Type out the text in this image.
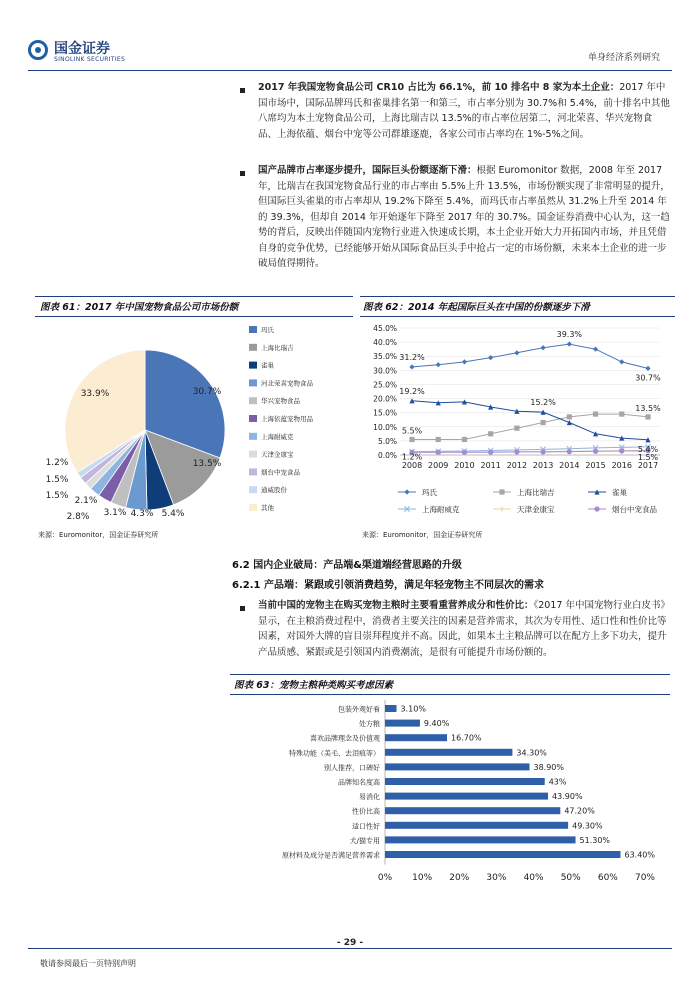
国金证券
SINOLINK SECURITIES	单身经济系列研究
2017 年我国宠物食品公司 CR10 占比为 66.1%，前 10 排名中 8 家为本土企业：2017 年中国市场中，国际品牌玛氏和雀巢排名第一和第三，市占率分别为 30.7%和 5.4%，前十排名中其他八席均为本土宠物食品公司，上海比瑞吉以 13.5%的市占率位居第二，河北荣喜、华兴宠物食品、上海依蕴、烟台中宠等公司群雄逐鹿，各家公司市占率均在 1%-5%之间。
国产品牌市占率逐步提升，国际巨头份额逐渐下滑：根据 Euromonitor 数据，2008 年至 2017 年，比瑞吉在我国宠物食品行业的市占率由 5.5%上升 13.5%，市场份额实现了非常明显的提升，但国际巨头雀巢的市占率却从 19.2%下降至 5.4%，而玛氏市占率虽然从 31.2%上升至 2014 年的 39.3%，但却自 2014 年开始逐年下降至 2017 年的 30.7%。国金证券消费中心认为，这一趋势的背后，反映出伴随国内宠物行业进入快速成长期，本土企业开始大力开拓国内市场，并且凭借自身的竞争优势，已经能够开始从国际食品巨头手中抢占一定的市场份额，未来本土企业的进一步破局值得期待。
图表 61：2017 年中国宠物食品公司市场份额
30.7%
13.5%
5.4%
4.3%
3.1%
2.8%
2.1%
1.5%
1.5%
1.2%
33.9%
玛氏
上海比瑞吉
雀巢
河北荣喜宠物食品
华兴宠物食品
上海依蕴宠物用品
上海耐威克
天津金康宝
烟台中宠食品
通威股份
其他
来源：Euromonitor，国金证券研究所
图表 62：2014 年起国际巨头在中国的份额逐步下滑
0.0%
5.0%
10.0%
15.0%
20.0%
25.0%
30.0%
35.0%
40.0%
45.0%
2008 2009 2010 2011 2012 2013 2014 2015 2016 2017
31.2%
39.3%
30.7%
19.2%
15.2%
5.4%
5.5%
13.5%
1.2%	1.5%
玛氏	上海比瑞吉	雀巢
上海耐威克	天津金康宝	烟台中宠食品
来源：Euromonitor，国金证券研究所
6.2 国内企业破局：产品端&渠道端经营思路的升级
6.2.1 产品端：紧跟或引领消费趋势，满足年轻宠物主不同层次的需求
当前中国的宠物主在购买宠物主粮时主要看重营养成分和性价比：《2017 年中国宠物行业白皮书》显示，在主粮消费过程中，消费者主要关注的因素是营养需求，其次为专用性、适口性和性价比等因素，对国外大牌的盲目崇拜程度并不高。因此，如果本土主粮品牌可以在配方上多下功夫，提升产品质感、紧跟或是引领国内消费潮流，是很有可能提升市场份额的。
图表 63：宠物主粮种类购买考虑因素
0% 10% 20% 30% 40% 50% 60% 70%
包装外观好看	3.10%
处方粮	9.40%
喜欢品牌理念及价值观	16.70%
特殊功能（美毛、去泪痕等）	34.30%
别人推荐，口碑好	38.90%
品牌知名度高	43%
易消化	43.90%
性价比高	47.20%
适口性好	49.30%
犬/猫专用	51.30%
原材料及成分是否满足营养需求	63.40%
- 29 -
敬请参阅最后一页特别声明
